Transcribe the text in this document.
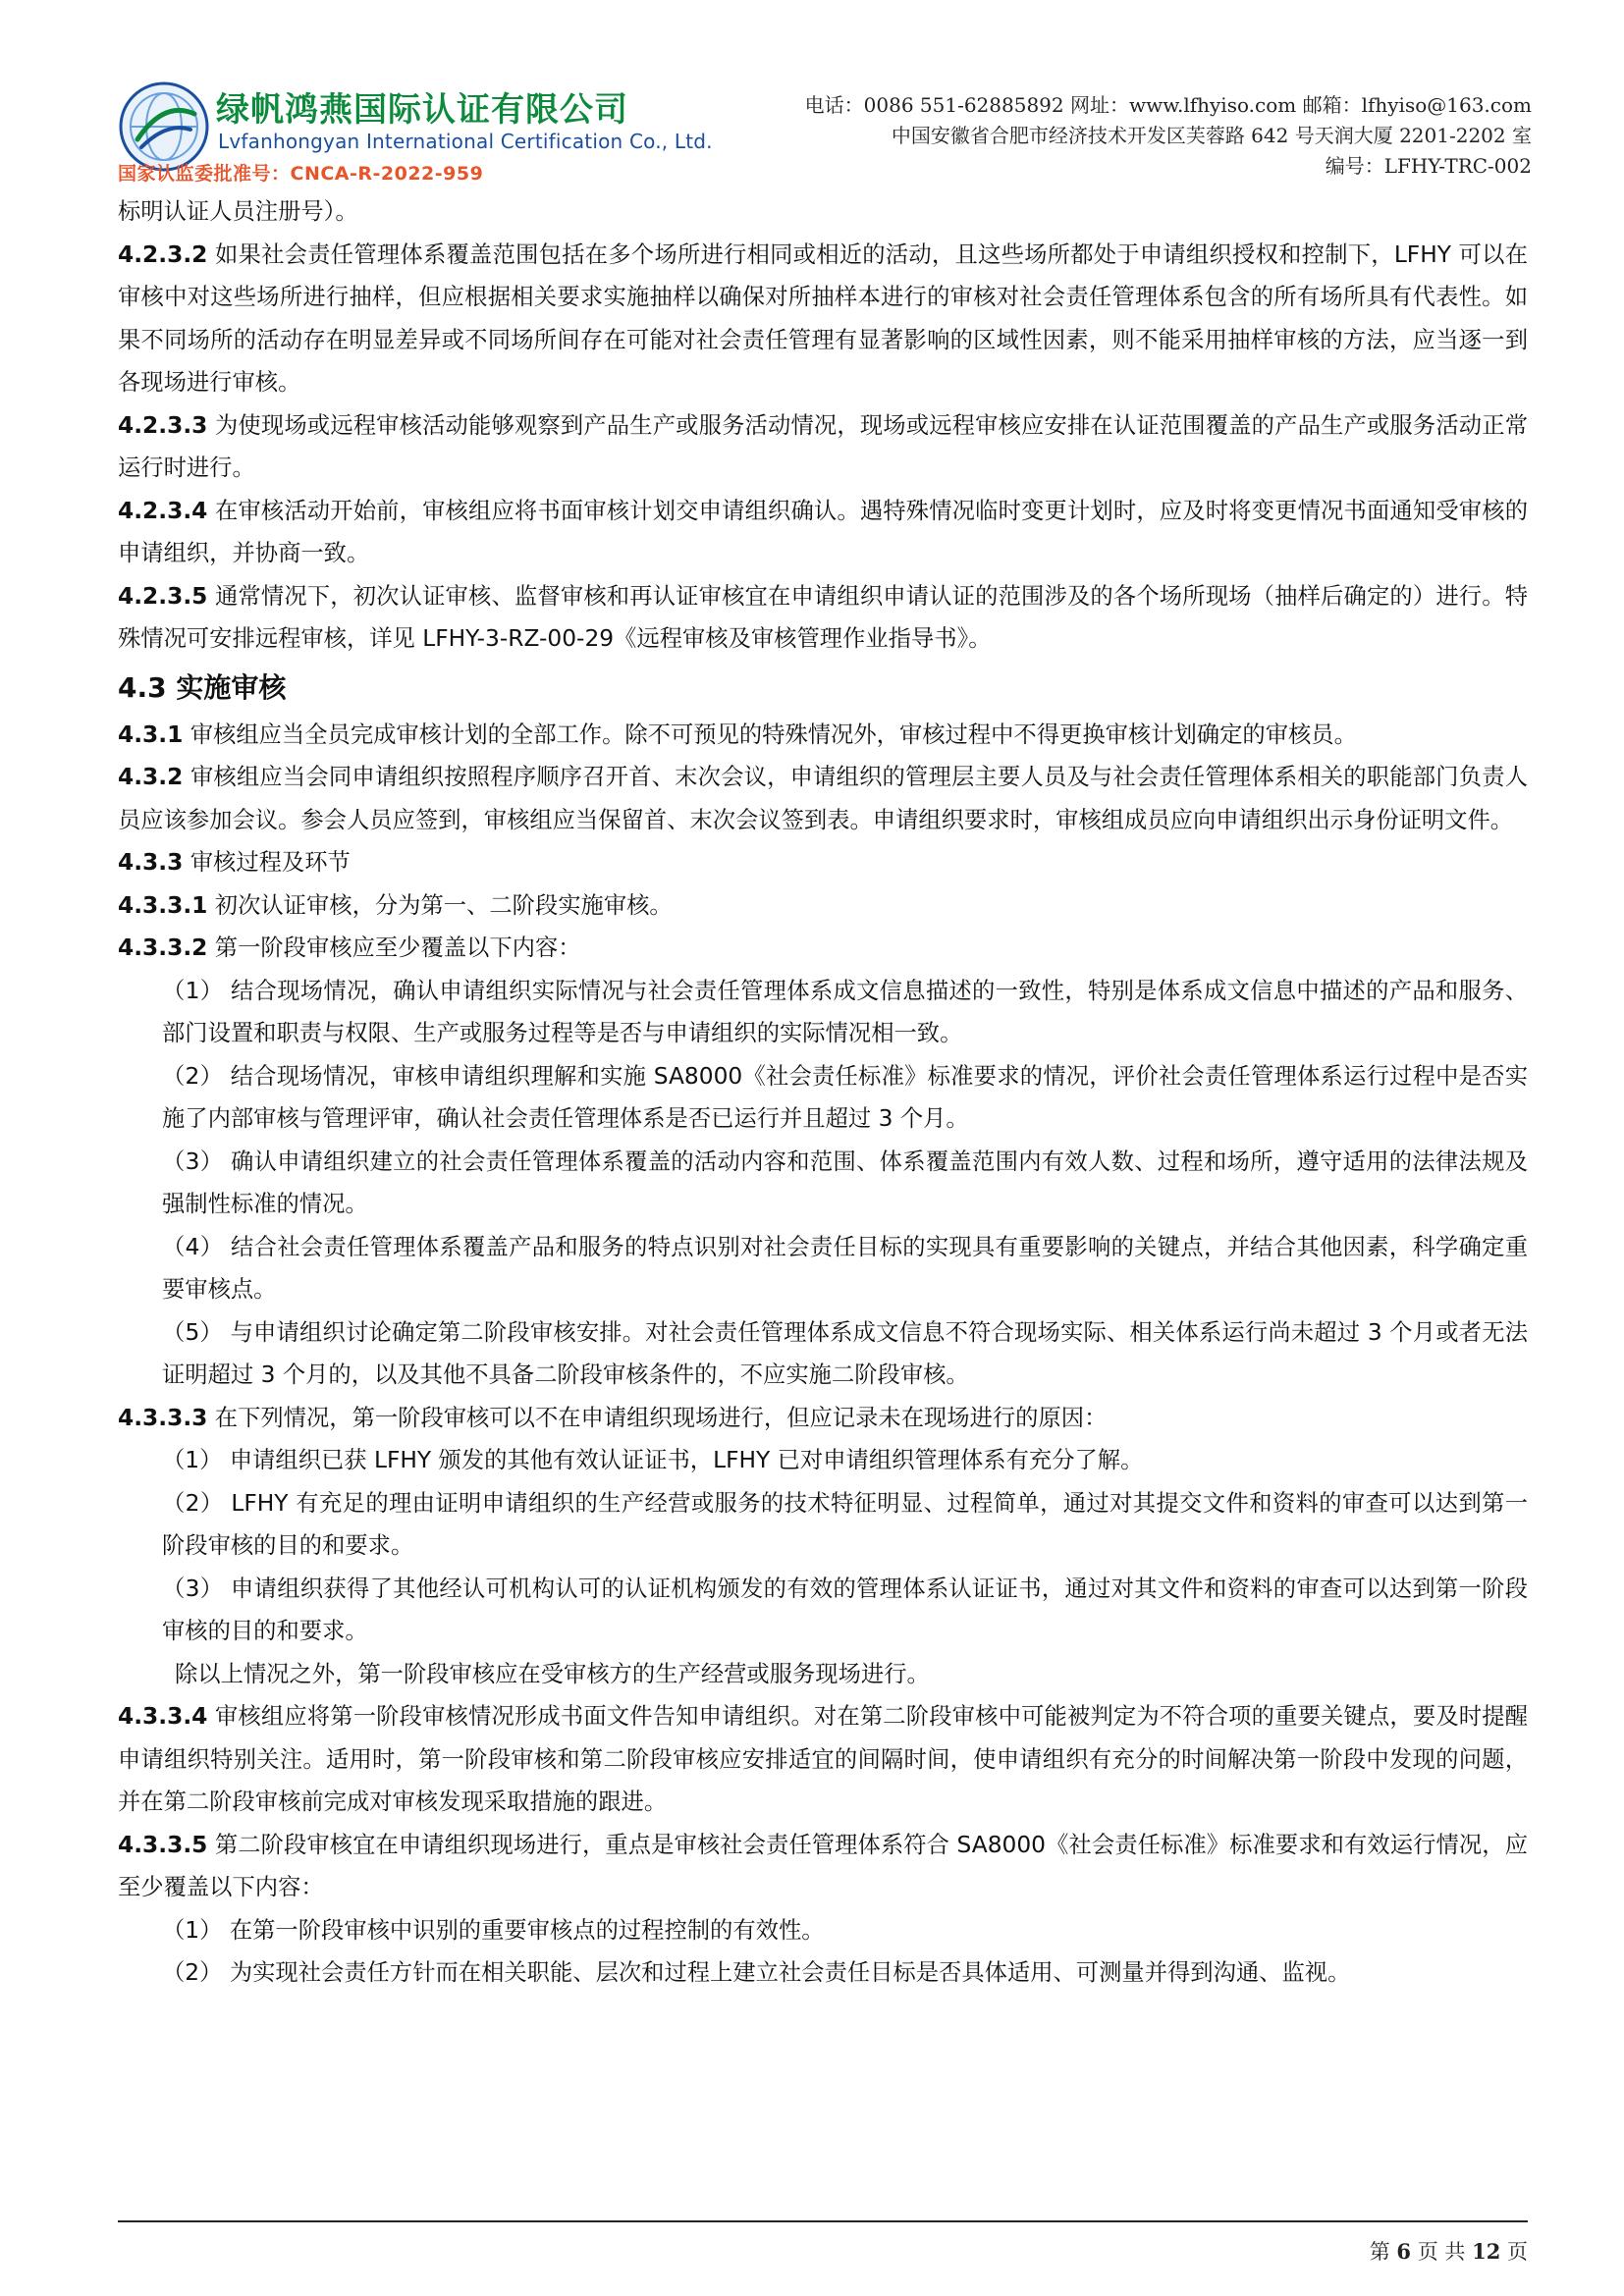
绿帆鸿燕国际认证有限公司
Lvfanhongyan International Certification Co., Ltd.
国家认监委批准号：CNCA-R-2022-959
电话：0086 551-62885892 网址：www.lfhyiso.com 邮箱：lfhyiso@163.com
中国安徽省合肥市经济技术开发区芙蓉路 642 号天润大厦 2201-2202 室
编号：LFHY-TRC-002

标明认证人员注册号）。

4.2.3.2 如果社会责任管理体系覆盖范围包括在多个场所进行相同或相近的活动，且这些场所都处于申请组织授权和控制下，LFHY 可以在审核中对这些场所进行抽样，但应根据相关要求实施抽样以确保对所抽样本进行的审核对社会责任管理体系包含的所有场所具有代表性。如果不同场所的活动存在明显差异或不同场所间存在可能对社会责任管理有显著影响的区域性因素，则不能采用抽样审核的方法，应当逐一到各现场进行审核。

4.2.3.3 为使现场或远程审核活动能够观察到产品生产或服务活动情况，现场或远程审核应安排在认证范围覆盖的产品生产或服务活动正常运行时进行。

4.2.3.4 在审核活动开始前，审核组应将书面审核计划交申请组织确认。遇特殊情况临时变更计划时，应及时将变更情况书面通知受审核的申请组织，并协商一致。

4.2.3.5 通常情况下，初次认证审核、监督审核和再认证审核宜在申请组织申请认证的范围涉及的各个场所现场（抽样后确定的）进行。特殊情况可安排远程审核，详见 LFHY-3-RZ-00-29《远程审核及审核管理作业指导书》。

4.3 实施审核

4.3.1 审核组应当全员完成审核计划的全部工作。除不可预见的特殊情况外，审核过程中不得更换审核计划确定的审核员。

4.3.2 审核组应当会同申请组织按照程序顺序召开首、末次会议，申请组织的管理层主要人员及与社会责任管理体系相关的职能部门负责人员应该参加会议。参会人员应签到，审核组应当保留首、末次会议签到表。申请组织要求时，审核组成员应向申请组织出示身份证明文件。

4.3.3 审核过程及环节

4.3.3.1 初次认证审核，分为第一、二阶段实施审核。

4.3.3.2 第一阶段审核应至少覆盖以下内容：

（1） 结合现场情况，确认申请组织实际情况与社会责任管理体系成文信息描述的一致性，特别是体系成文信息中描述的产品和服务、部门设置和职责与权限、生产或服务过程等是否与申请组织的实际情况相一致。

（2） 结合现场情况，审核申请组织理解和实施 SA8000《社会责任标准》标准要求的情况，评价社会责任管理体系运行过程中是否实施了内部审核与管理评审，确认社会责任管理体系是否已运行并且超过 3 个月。

（3） 确认申请组织建立的社会责任管理体系覆盖的活动内容和范围、体系覆盖范围内有效人数、过程和场所，遵守适用的法律法规及强制性标准的情况。

（4） 结合社会责任管理体系覆盖产品和服务的特点识别对社会责任目标的实现具有重要影响的关键点，并结合其他因素，科学确定重要审核点。

（5） 与申请组织讨论确定第二阶段审核安排。对社会责任管理体系成文信息不符合现场实际、相关体系运行尚未超过 3 个月或者无法证明超过 3 个月的，以及其他不具备二阶段审核条件的，不应实施二阶段审核。

4.3.3.3 在下列情况，第一阶段审核可以不在申请组织现场进行，但应记录未在现场进行的原因：

（1） 申请组织已获 LFHY 颁发的其他有效认证证书，LFHY 已对申请组织管理体系有充分了解。

（2） LFHY 有充足的理由证明申请组织的生产经营或服务的技术特征明显、过程简单，通过对其提交文件和资料的审查可以达到第一阶段审核的目的和要求。

（3） 申请组织获得了其他经认可机构认可的认证机构颁发的有效的管理体系认证证书，通过对其文件和资料的审查可以达到第一阶段审核的目的和要求。

除以上情况之外，第一阶段审核应在受审核方的生产经营或服务现场进行。

4.3.3.4 审核组应将第一阶段审核情况形成书面文件告知申请组织。对在第二阶段审核中可能被判定为不符合项的重要关键点，要及时提醒申请组织特别关注。适用时，第一阶段审核和第二阶段审核应安排适宜的间隔时间，使申请组织有充分的时间解决第一阶段中发现的问题，并在第二阶段审核前完成对审核发现采取措施的跟进。

4.3.3.5 第二阶段审核宜在申请组织现场进行，重点是审核社会责任管理体系符合 SA8000《社会责任标准》标准要求和有效运行情况，应至少覆盖以下内容：

（1） 在第一阶段审核中识别的重要审核点的过程控制的有效性。

（2） 为实现社会责任方针而在相关职能、层次和过程上建立社会责任目标是否具体适用、可测量并得到沟通、监视。

第 6 页 共 12 页
